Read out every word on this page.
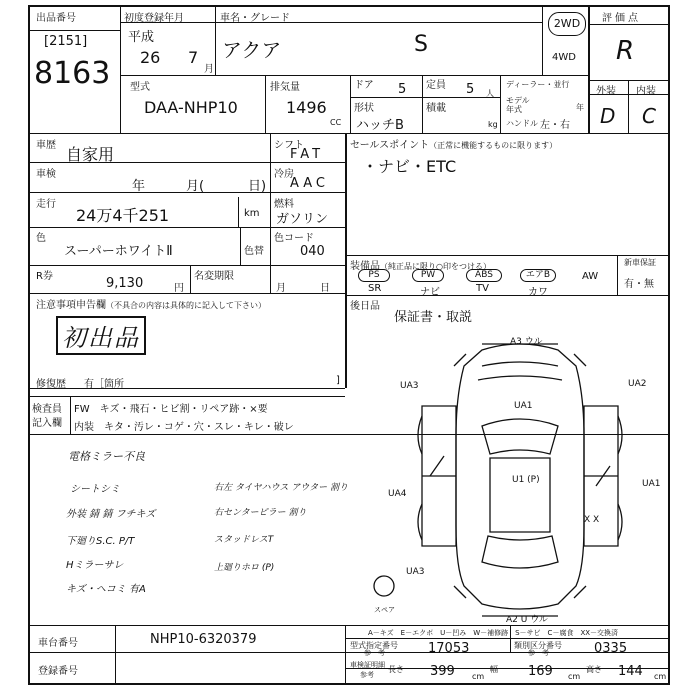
出品番号
[2151]
8163
初度登録年月
平成
26 7
月
車名・グレード
アクア	S
2WD
4WD
評価点
R
外装 内装
D C
型式
DAA-NHP10
排気量
1496
CC
ドア 5 定員 5 人
ディーラー・並行
モデル
年式	年
ハンドル 左・右
形状
ハッチB
積載
kg
車歴 自家用	シフト
FAT
車検
年	月(	日)
冷房
AAC
走行
24万4千251	km
燃料
ガソリン
色
スーパーホワイトⅡ	色替
色コード
040
R券	9,130	円
名変期限
月	日
セールスポイント（正常に機能するものに限ります）
・ナビ・ETC
装備品（純正品に限り○印をつける）
PS	PW	ABS	エアB	AW
SR	ナビ	TV	カワ
新車保証
有・無
後日品
保証書・取説
注意事項申告欄（不具合の内容は具体的に記入して下さい）
初出品
修復歴 有［箇所	]
検査員
記入欄
FW　キズ・飛石・ヒビ割・リペア跡・×要
内装　キタ・汚レ・コゲ・穴・スレ・キレ・破レ
電格ミラー不良
シートシミ
外装 錆 錆 フチキズ
下廻りS.C. P/T
Hミラーサレ
キズ・ヘコミ 有A
右左 タイヤハウス アウター 割り
右センターピラー 割り
スタッドレスT
上廻りホロ (P)
A3 ウル
UA3
UA1
UA2
U1 (P)
UA4
UA1
A2 U ウル
UA3
X X
スペア
A－キズ　E－エクボ　U－凹み　W－補修跡　S－サビ　C－腐食　XX－交換済
車台番号	NHP10-6320379
登録番号
型式指定番号
参　考	17053	類別区分番号
参　考	0335
車検証明細
参考
長さ 399 cm
幅 169 cm
高さ 144 cm
